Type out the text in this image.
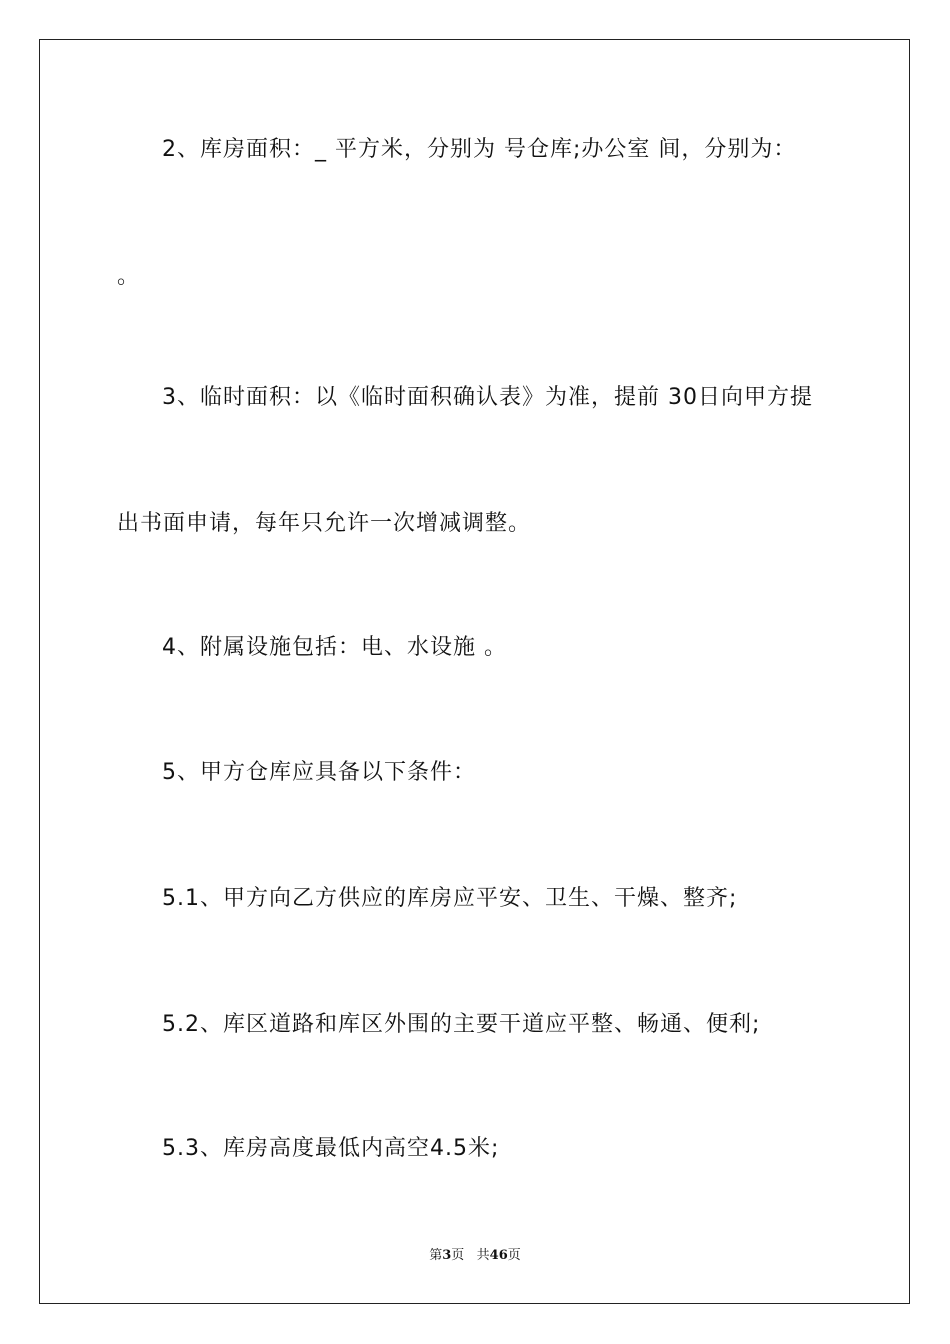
2、库房面积：_ 平方米，分别为 号仓库;办公室 间，分别为：
。
3、临时面积：以《临时面积确认表》为准，提前 30日向甲方提
出书面申请，每年只允许一次增减调整。
4、附属设施包括：电、水设施 。
5、甲方仓库应具备以下条件：
5.1、甲方向乙方供应的库房应平安、卫生、干燥、整齐;
5.2、库区道路和库区外围的主要干道应平整、畅通、便利;
5.3、库房高度最低内高空4.5米;
第3页   共46页
